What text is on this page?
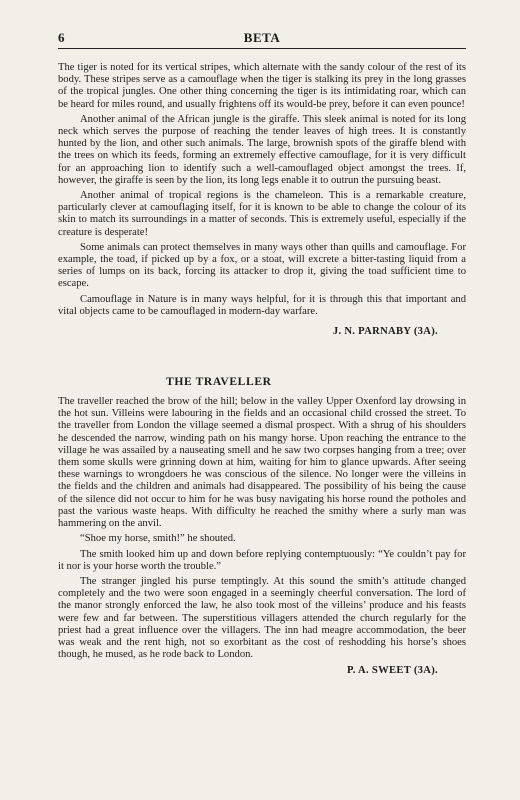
6	BETA

The tiger is noted for its vertical stripes, which alternate with the sandy colour of the rest of its body. These stripes serve as a camouflage when the tiger is stalking its prey in the long grasses of the tropical jungles. One other thing concerning the tiger is its intimidating roar, which can be heard for miles round, and usually frightens off its would-be prey, before it can even pounce!

Another animal of the African jungle is the giraffe. This sleek animal is noted for its long neck which serves the purpose of reaching the tender leaves of high trees. It is constantly hunted by the lion, and other such animals. The large, brownish spots of the giraffe blend with the trees on which its feeds, forming an extremely effective camouflage, for it is very difficult for an approaching lion to identify such a well-camouflaged object amongst the trees. If, however, the giraffe is seen by the lion, its long legs enable it to outrun the pursuing beast.

Another animal of tropical regions is the chameleon. This is a remarkable creature, particularly clever at camouflaging itself, for it is known to be able to change the colour of its skin to match its surroundings in a matter of seconds. This is extremely useful, especially if the creature is desperate!

Some animals can protect themselves in many ways other than quills and camouflage. For example, the toad, if picked up by a fox, or a stoat, will excrete a bitter-tasting liquid from a series of lumps on its back, forcing its attacker to drop it, giving the toad sufficient time to escape.

Camouflage in Nature is in many ways helpful, for it is through this that important and vital objects came to be camouflaged in modern-day warfare.

J. N. PARNABY (3A).
THE TRAVELLER

The traveller reached the brow of the hill; below in the valley Upper Oxenford lay drowsing in the hot sun. Villeins were labouring in the fields and an occasional child crossed the street. To the traveller from London the village seemed a dismal prospect. With a shrug of his shoulders he descended the narrow, winding path on his mangy horse. Upon reaching the entrance to the village he was assailed by a nauseating smell and he saw two corpses hanging from a tree; over them some skulls were grinning down at him, waiting for him to glance upwards. After seeing these warnings to wrongdoers he was conscious of the silence. No longer were the villeins in the fields and the children and animals had disappeared. The possibility of his being the cause of the silence did not occur to him for he was busy navigating his horse round the potholes and past the various waste heaps. With difficulty he reached the smithy where a surly man was hammering on the anvil.

“Shoe my horse, smith!” he shouted.

The smith looked him up and down before replying contemptuously: “Ye couldn’t pay for it nor is your horse worth the trouble.”

The stranger jingled his purse temptingly. At this sound the smith’s attitude changed completely and the two were soon engaged in a seemingly cheerful conversation. The lord of the manor strongly enforced the law, he also took most of the villeins’ produce and his feasts were few and far between. The superstitious villagers attended the church regularly for the priest had a great influence over the villagers. The inn had meagre accommodation, the beer was weak and the rent high, not so exorbitant as the cost of reshodding his horse’s shoes though, he mused, as he rode back to London.

P. A. SWEET (3A).
